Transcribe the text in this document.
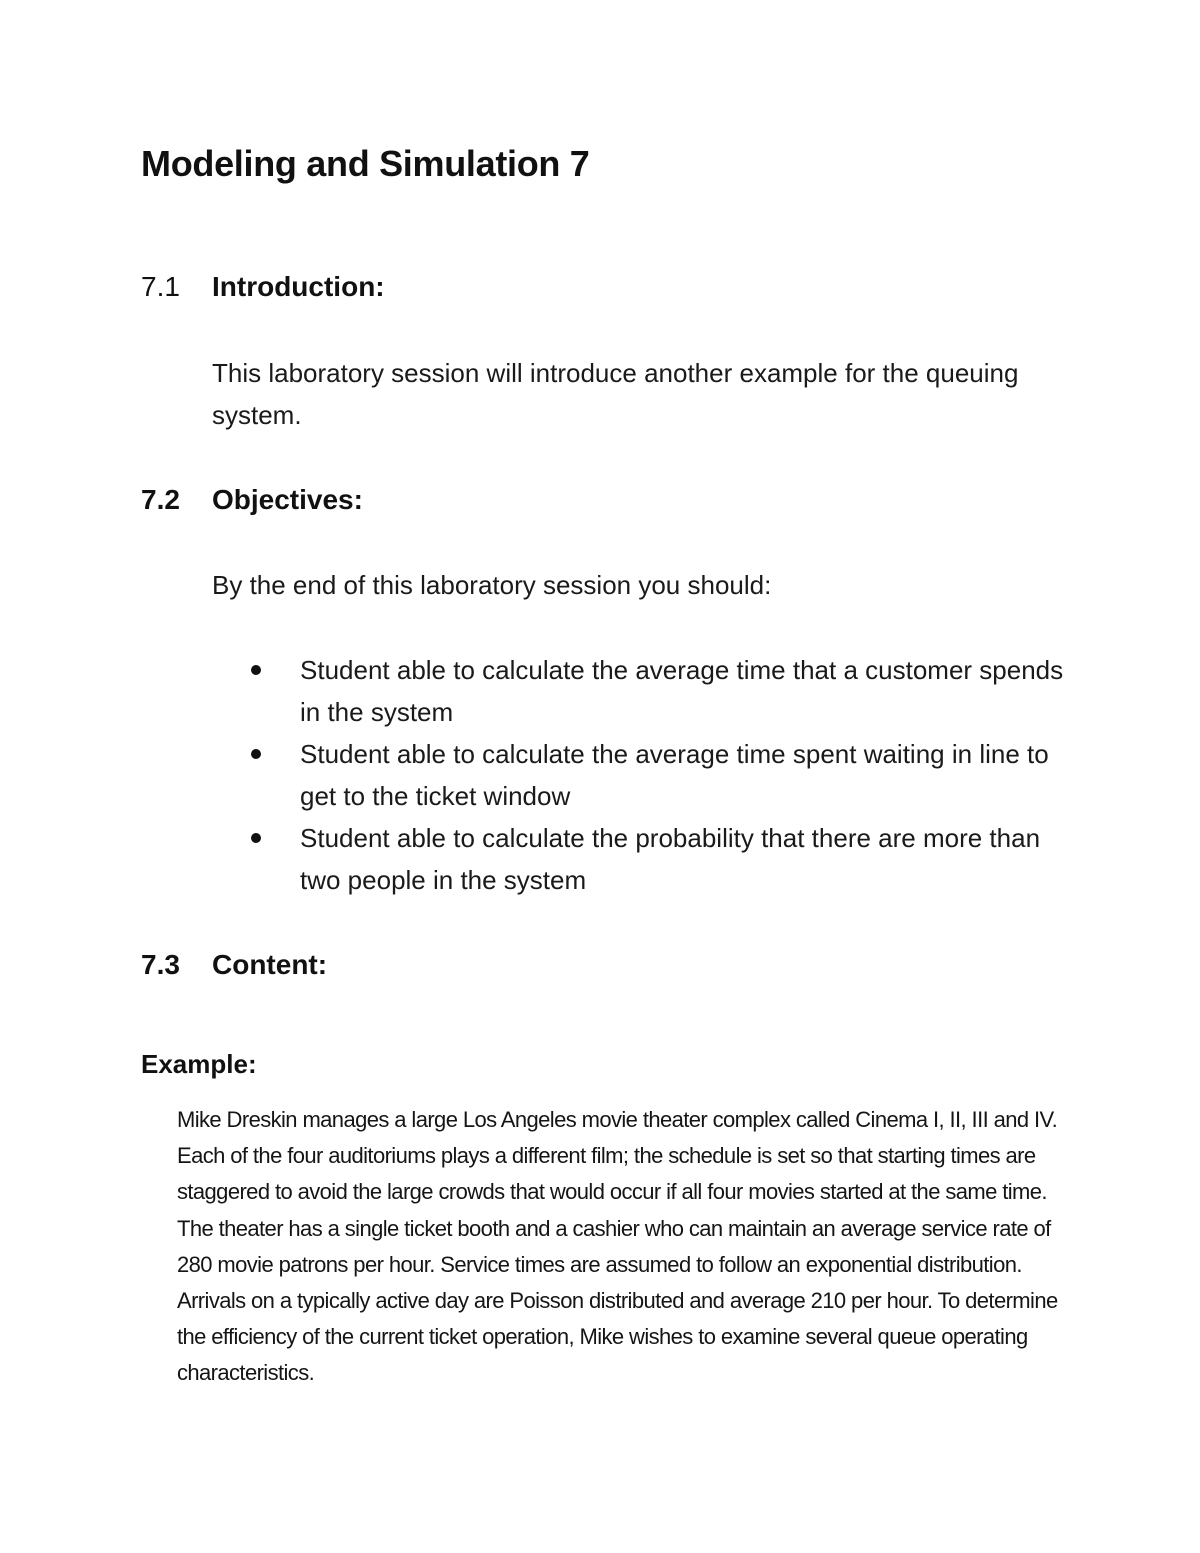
Modeling and Simulation 7
7.1 Introduction:

This laboratory session will introduce another example for the queuing system.

7.2 Objectives:

By the end of this laboratory session you should:

Student able to calculate the average time that a customer spends in the system
Student able to calculate the average time spent waiting in line to get to the ticket window
Student able to calculate the probability that there are more than two people in the system
7.3 Content:
Example:

Mike Dreskin manages a large Los Angeles movie theater complex called Cinema I, II, III and IV. Each of the four auditoriums plays a different film; the schedule is set so that starting times are staggered to avoid the large crowds that would occur if all four movies started at the same time. The theater has a single ticket booth and a cashier who can maintain an average service rate of 280 movie patrons per hour. Service times are assumed to follow an exponential distribution. Arrivals on a typically active day are Poisson distributed and average 210 per hour. To determine the efficiency of the current ticket operation, Mike wishes to examine several queue operating characteristics.
